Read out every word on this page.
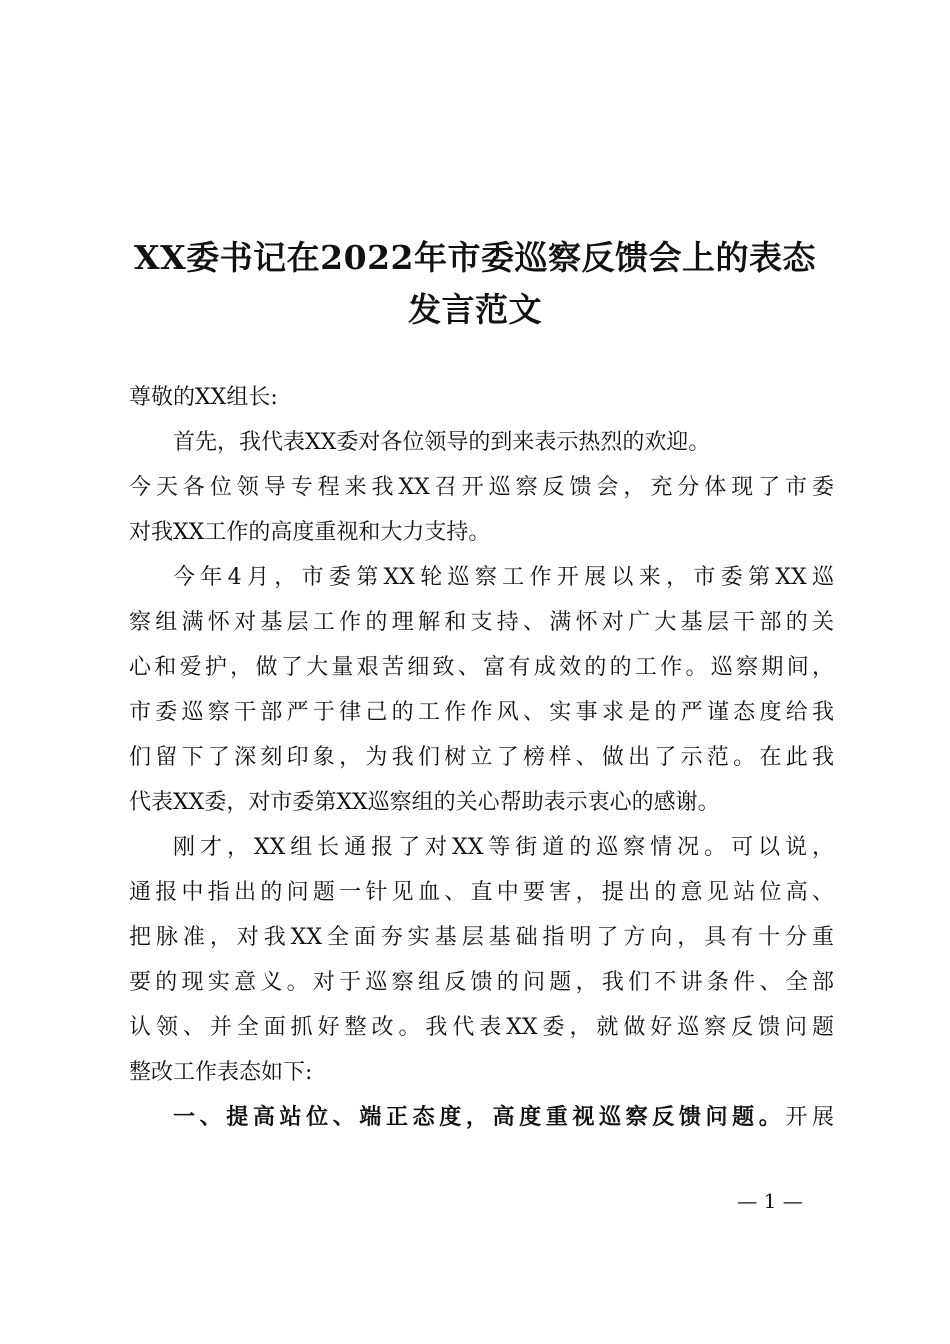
XX委书记在2022年市委巡察反馈会上的表态
发言范文
尊敬的XX组长:
首先，我代表XX委对各位领导的到来表示热烈的欢迎。
今天各位领导专程来我XX召开巡察反馈会，充分体现了市委
对我XX工作的高度重视和大力支持。
今年4月，市委第XX轮巡察工作开展以来，市委第XX巡
察组满怀对基层工作的理解和支持、满怀对广大基层干部的关
心和爱护，做了大量艰苦细致、富有成效的的工作。巡察期间，
市委巡察干部严于律己的工作作风、实事求是的严谨态度给我
们留下了深刻印象，为我们树立了榜样、做出了示范。在此我
代表XX委，对市委第XX巡察组的关心帮助表示衷心的感谢。
刚才，XX组长通报了对XX等街道的巡察情况。可以说，
通报中指出的问题一针见血、直中要害，提出的意见站位高、
把脉准，对我XX全面夯实基层基础指明了方向，具有十分重
要的现实意义。对于巡察组反馈的问题，我们不讲条件、全部
认领、并全面抓好整改。我代表XX委，就做好巡察反馈问题
整改工作表态如下:
一、提高站位、端正态度，高度重视巡察反馈问题。开展
— 1 —
